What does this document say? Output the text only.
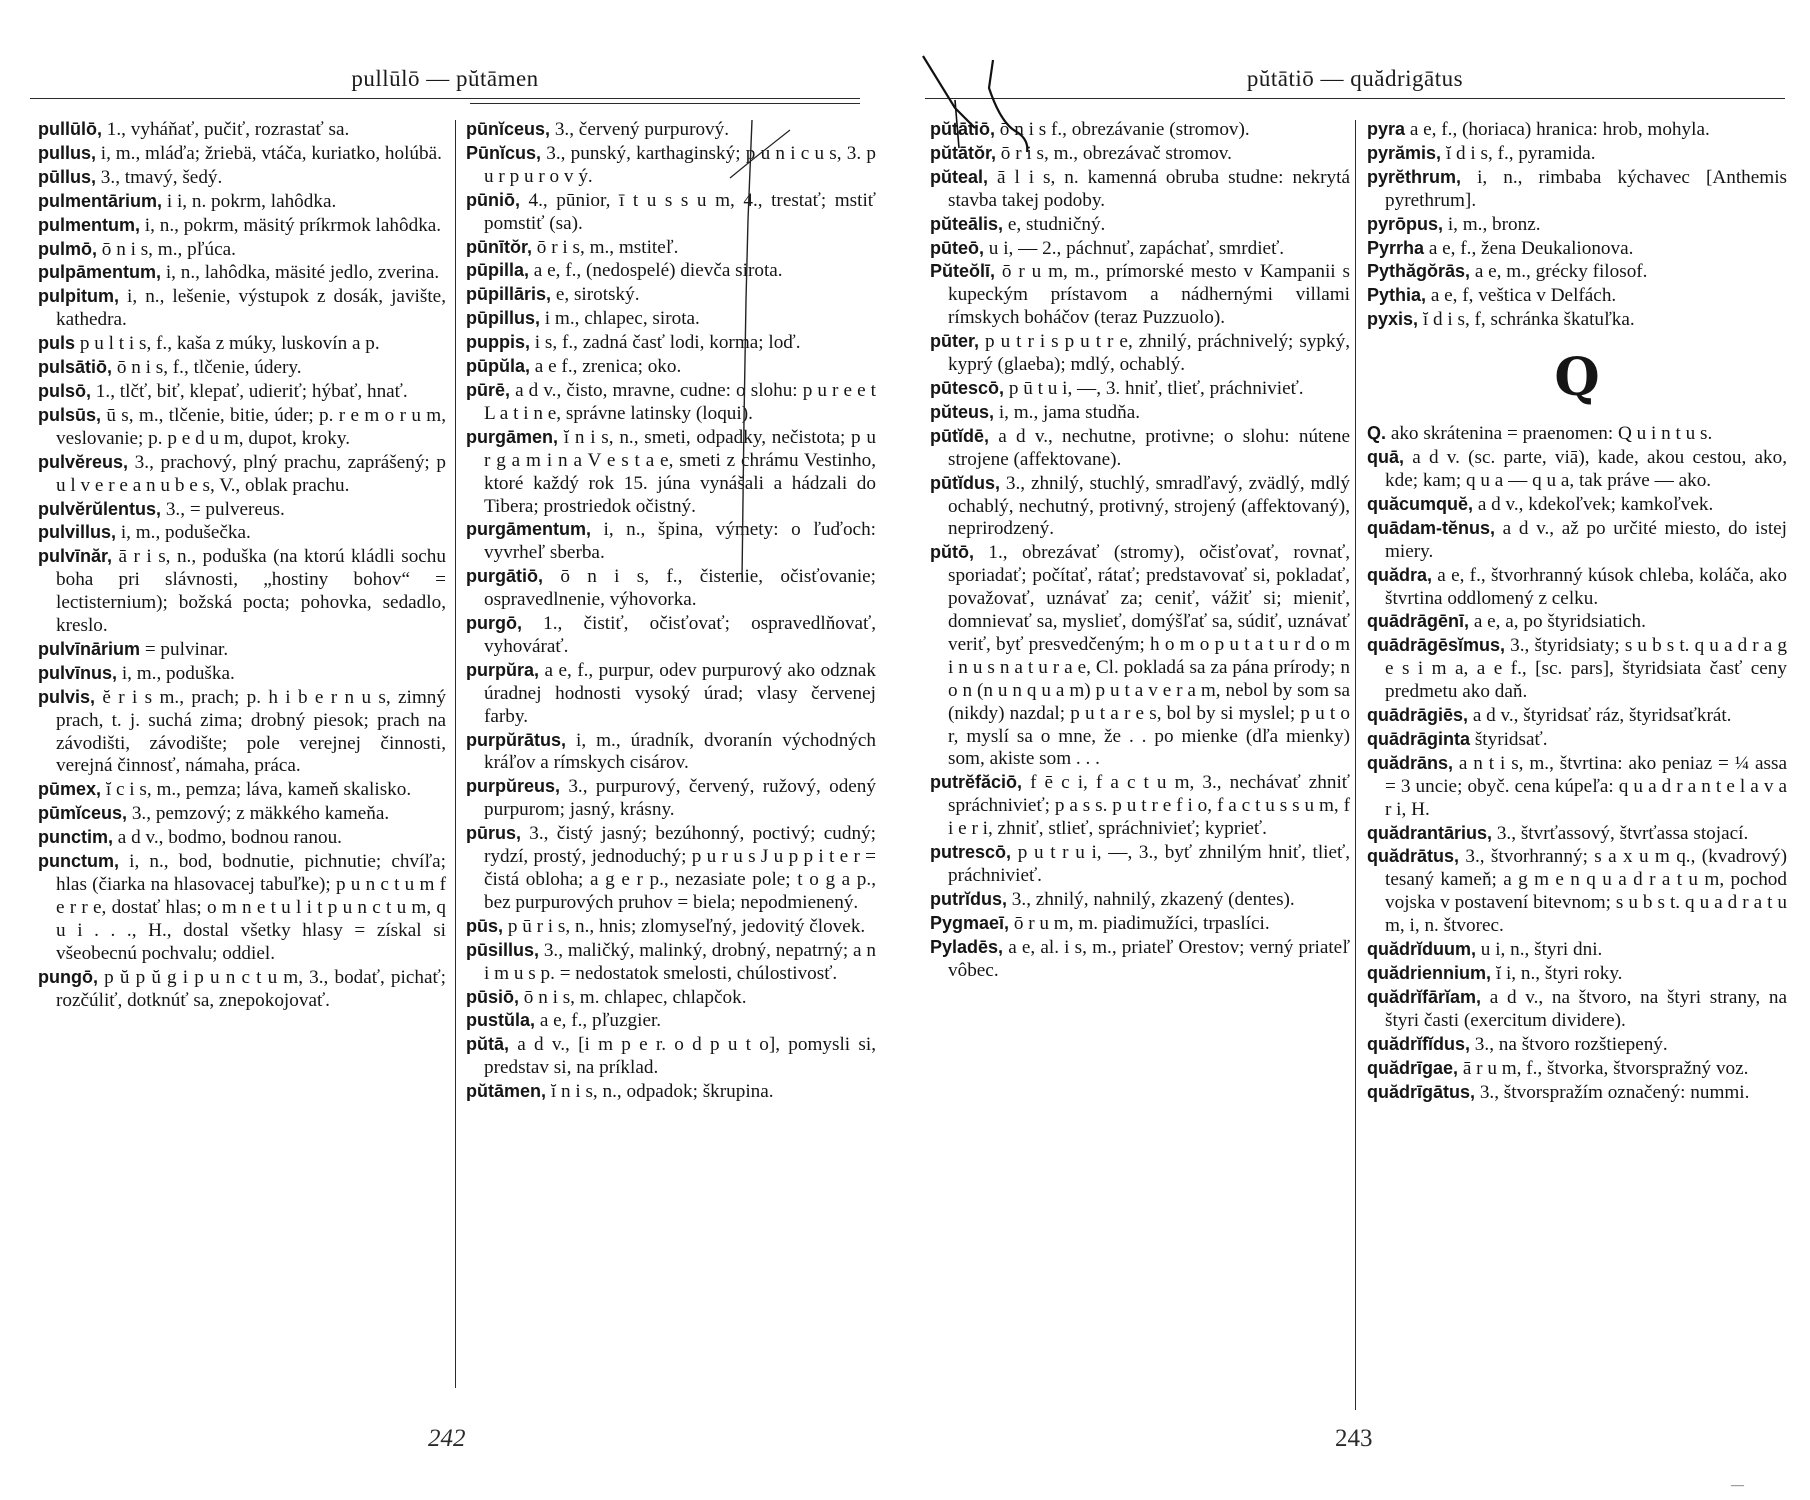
pullūlō — pŭtāmen
pullūlō, 1., vyháňať, pučiť, rozrastať sa.
pullus, i, m., mláďa; žriebä, vtáča, kuriatko, holúbä.
pūllus, 3., tmavý, šedý.
pulmentārium, i i, n. pokrm, lahôdka.
pulmentum, i, n., pokrm, mäsitý príkrmok lahôdka.
pulmō, ō n i s, m., pľúca.
pulpāmentum, i, n., lahôdka, mäsité jedlo, zverina.
pulpitum, i, n., lešenie, výstupok z dosák, javište, kathedra.
puls p u l t i s, f., kaša z múky, luskovín a p.
pulsātiō, ō n i s, f., tlčenie, údery.
pulsō, 1., tlčť, biť, klepať, udieriť; hýbať, hnať.
pulsūs, ū s, m., tlčenie, bitie, úder; p. r e m o r u m, veslovanie; p. p e d u m, dupot, kroky.
pulvĕreus, 3., prachový, plný prachu, zaprášený; p u l v e r e a n u b e s, V., oblak prachu.
pulvĕrŭlentus, 3., = pulvereus.
pulvillus, i, m., podušečka.
pulvīnăr, ā r i s, n., poduška (na ktorú kládli sochu boha pri slávnosti, „hostiny bohov“ = lectisternium); božská pocta; pohovka, sedadlo, kreslo.
pulvīnārium = pulvinar.
pulvīnus, i, m., poduška.
pulvis, ĕ r i s m., prach; p. h i b e r n u s, zimný prach, t. j. suchá zima; drobný piesok; prach na závodišti, závodište; pole verejnej činnosti, verejná činnosť, námaha, práca.
pūmex, ĭ c i s, m., pemza; láva, kameň skalisko.
pūmĭceus, 3., pemzový; z mäkkého kameňa.
punctim, a d v., bodmo, bodnou ranou.
punctum, i, n., bod, bodnutie, pichnutie; chvíľa; hlas (čiarka na hlasovacej tabuľke); p u n c t u m f e r r e, dostať hlas; o m n e t u l i t p u n c t u m, q u i . . ., H., dostal všetky hlasy = získal si všeobecnú pochvalu; oddiel.
pungō, p ŭ p ŭ g i p u n c t u m, 3., bodať, pichať; rozčúliť, dotknúť sa, znepokojovať.
pūnĭceus, 3., červený purpurový.
Pūnĭcus, 3., punský, karthaginský; p u n i c u s, 3. p u r p u r o v ý.
pūniō, 4., pūnior, ī t u s s u m, 4., trestať; mstiť pomstiť (sa).
pūnītŏr, ō r i s, m., mstiteľ.
pūpilla, a e, f., (nedospelé) dievča sirota.
pūpillāris, e, sirotský.
pūpillus, i m., chlapec, sirota.
puppis, i s, f., zadná časť lodi, korma; loď.
pūpŭla, a e f., zrenica; oko.
pūrē, a d v., čisto, mravne, cudne: o slohu: p u r e e t L a t i n e, správne latinsky (loqui).
purgāmen, ĭ n i s, n., smeti, odpadky, nečistota; p u r g a m i n a V e s t a e, smeti z chrámu Vestinho, ktoré každý rok 15. júna vynášali a hádzali do Tibera; prostriedok očistný.
purgāmentum, i, n., špina, výmety: o ľuďoch: vyvrheľ sberba.
purgātiō, ō n i s, f., čistenie, očisťovanie; ospravedlnenie, výhovorka.
purgō, 1., čistiť, očisťovať; ospravedlňovať, vyhovárať.
purpŭra, a e, f., purpur, odev purpurový ako odznak úradnej hodnosti vysoký úrad; vlasy červenej farby.
purpŭrātus, i, m., úradník, dvoranín východných kráľov a rímskych cisárov.
purpŭreus, 3., purpurový, červený, ružový, odený purpurom; jasný, krásny.
pūrus, 3., čistý jasný; bezúhonný, poctivý; cudný; rydzí, prostý, jednoduchý; p u r u s J u p p i t e r = čistá obloha; a g e r p., nezasiate pole; t o g a p., bez purpurových pruhov = biela; nepodmienený.
pūs, p ū r i s, n., hnis; zlomyseľný, jedovitý človek.
pūsillus, 3., maličký, malinký, drobný, nepatrný; a n i m u s p. = nedostatok smelosti, chúlostivosť.
pūsiō, ō n i s, m. chlapec, chlapčok.
pustŭla, a e, f., pľuzgier.
pŭtā, a d v., [i m p e r. o d p u t o], pomysli si, predstav si, na príklad.
pŭtāmen, ĭ n i s, n., odpadok; škrupina.
242
pŭtātiō — quădrigātus
pŭtātiō, ō n i s f., obrezávanie (stromov).
pŭtātŏr, ō r i s, m., obrezávač stromov.
pŭteal, ā l i s, n. kamenná obruba studne: nekrytá stavba takej podoby.
pŭteālis, e, studničný.
pūteō, u i, — 2., páchnuť, zapáchať, smrdieť.
Pŭteŏlī, ō r u m, m., prímorské mesto v Kampanii s kupeckým prístavom a nádhernými villami rímskych boháčov (teraz Puzzuolo).
pūter, p u t r i s p u t r e, zhnilý, práchnivelý; sypký, kyprý (glaeba); mdlý, ochablý.
pūtescō, p ū t u i, —, 3. hniť, tlieť, práchnivieť.
pŭteus, i, m., jama studňa.
pūtĭdē, a d v., nechutne, protivne; o slohu: nútene strojene (affektovane).
pūtĭdus, 3., zhnilý, stuchlý, smradľavý, zvädlý, mdlý ochablý, nechutný, protivný, strojený (affektovaný), neprirodzený.
pŭtō, 1., obrezávať (stromy), očisťovať, rovnať, sporiadať; počítať, rátať; predstavovať si, pokladať, považovať, uznávať za; ceniť, vážiť si; mieniť, domnievať sa, myslieť, domýšľať sa, súdiť, uznávať veriť, byť presvedčeným; h o m o p u t a t u r d o m i n u s n a t u r a e, Cl. pokladá sa za pána prírody; n o n (n u n q u a m) p u t a v e r a m, nebol by som sa (nikdy) nazdal; p u t a r e s, bol by si myslel; p u t o r, myslí sa o mne, že . . po mienke (dľa mienky) som, akiste som . . .
putrĕfăciō, f ē c i, f a c t u m, 3., nechávať zhniť spráchnivieť; p a s s. p u t r e f i o, f a c t u s s u m, f i e r i, zhniť, stlieť, spráchnivieť; kyprieť.
putrescō, p u t r u i, —, 3., byť zhnilým hniť, tlieť, práchnivieť.
putrĭdus, 3., zhnilý, nahnilý, zkazený (dentes).
Pygmaeī, ō r u m, m. piadimužíci, trpaslíci.
Pyladēs, a e, al. i s, m., priateľ Orestov; verný priateľ vôbec.
pyra a e, f., (horiaca) hranica: hrob, mohyla.
pyrămis, ĭ d i s, f., pyramida.
pyrĕthrum, i, n., rimbaba kýchavec [Anthemis pyrethrum].
pyrōpus, i, m., bronz.
Pyrrha a e, f., žena Deukalionova.
Pythăgŏrās, a e, m., grécky filosof.
Pythia, a e, f, veštica v Delfách.
pyxis, ĭ d i s, f, schránka škatuľka.
Q
Q. ako skrátenina = praenomen: Q u i n t u s.
quā, a d v. (sc. parte, viā), kade, akou cestou, ako, kde; kam; q u a — q u a, tak práve — ako.
quăcumquĕ, a d v., kdekoľvek; kamkoľvek.
quādam-tĕnus, a d v., až po určité miesto, do istej miery.
quădra, a e, f., štvorhranný kúsok chleba, koláča, ako štvrtina oddlomený z celku.
quādrāgēnī, a e, a, po štyridsiatich.
quādrāgēsĭmus, 3., štyridsiaty; s u b s t. q u a d r a g e s i m a, a e f., [sc. pars], štyridsiata časť ceny predmetu ako daň.
quādrāgiēs, a d v., štyridsať ráz, štyridsaťkrát.
quādrāginta štyridsať.
quădrāns, a n t i s, m., štvrtina: ako peniaz = ¼ assa = 3 uncie; obyč. cena kúpeľa: q u a d r a n t e l a v a r i, H.
quădrantārius, 3., štvrťassový, štvrťassa stojací.
quădrātus, 3., štvorhranný; s a x u m q., (kvadrový) tesaný kameň; a g m e n q u a d r a t u m, pochod vojska v postavení bitevnom; s u b s t. q u a d r a t u m, i, n. štvorec.
quădrĭduum, u i, n., štyri dni.
quădriennium, ĭ i, n., štyri roky.
quădrĭfārĭam, a d v., na štvoro, na štyri strany, na štyri časti (exercitum dividere).
quădrĭfĭdus, 3., na štvoro rozštiepený.
quădrīgae, ā r u m, f., štvorka, štvorspražný voz.
quădrīgātus, 3., štvorspražím označený: nummi.
243
—
